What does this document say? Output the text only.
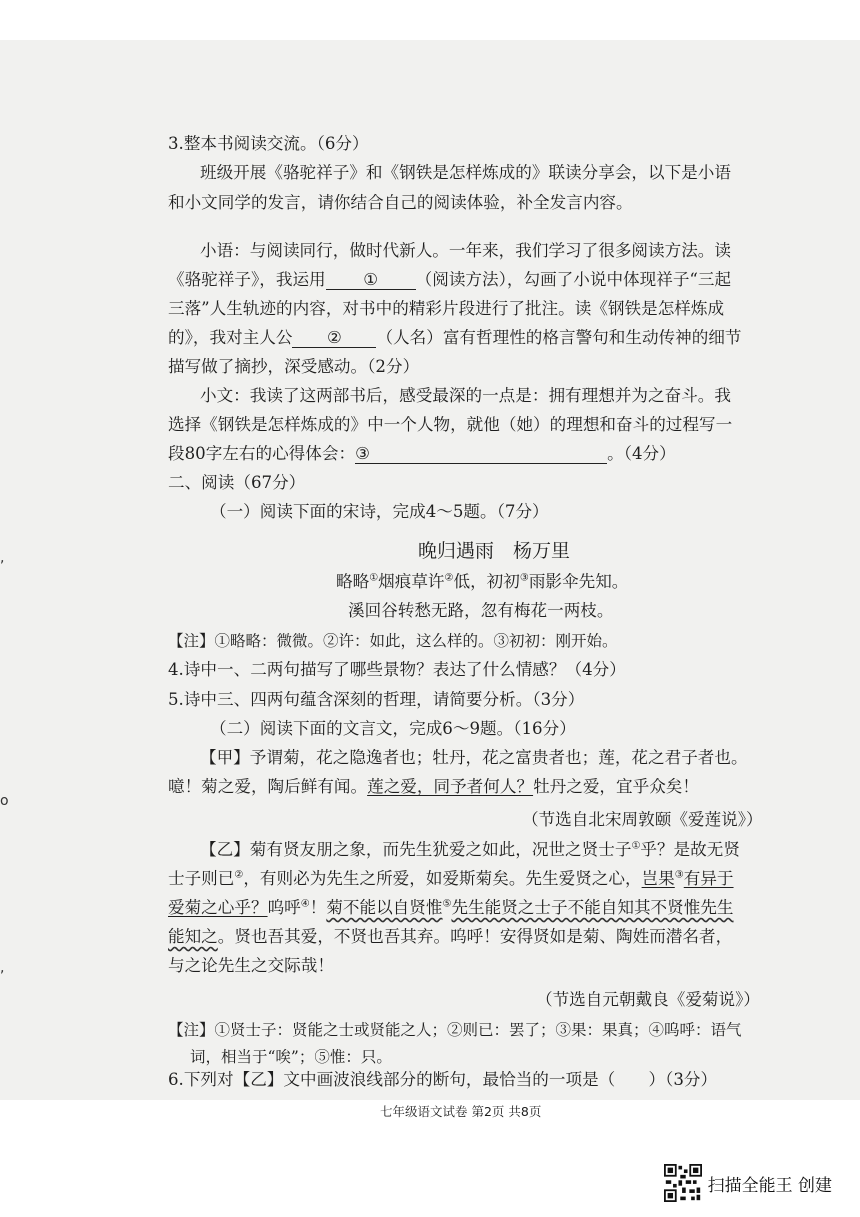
,
o
,
3.整本书阅读交流。（6分）
班级开展《骆驼祥子》和《钢铁是怎样炼成的》联读分享会，以下是小语
和小文同学的发言，请你结合自己的阅读体验，补全发言内容。
小语：与阅读同行，做时代新人。一年来，我们学习了很多阅读方法。读
《骆驼祥子》，我运用 ① （阅读方法），勾画了小说中体现祥子“三起
三落”人生轨迹的内容，对书中的精彩片段进行了批注。读《钢铁是怎样炼成
的》，我对主人公 ② （人名）富有哲理性的格言警句和生动传神的细节
描写做了摘抄，深受感动。（2分）
小文：我读了这两部书后，感受最深的一点是：拥有理想并为之奋斗。我
选择《钢铁是怎样炼成的》中一个人物，就他（她）的理想和奋斗的过程写一
段80字左右的心得体会：③	。（4分）
二、阅读（67分）
（一）阅读下面的宋诗，完成4～5题。（7分）
晚归遇雨　杨万里
略略①烟痕草许②低，初初③雨影伞先知。
溪回谷转愁无路，忽有梅花一两枝。
【注】①略略：微微。②许：如此，这么样的。③初初：刚开始。
4.诗中一、二两句描写了哪些景物？表达了什么情感？（4分）
5.诗中三、四两句蕴含深刻的哲理，请简要分析。（3分）
（二）阅读下面的文言文，完成6～9题。（16分）
【甲】予谓菊，花之隐逸者也；牡丹，花之富贵者也；莲，花之君子者也。
噫！菊之爱，陶后鲜有闻。莲之爱，同予者何人？牡丹之爱，宜乎众矣！
（节选自北宋周敦颐《爱莲说》）
【乙】菊有贤友朋之象，而先生犹爱之如此，况世之贤士子①乎？是故无贤
士子则已②，有则必为先生之所爱，如爱斯菊矣。先生爱贤之心，岂果③有异于
爱菊之心乎？呜呼④！菊不能以自贤惟⑤先生能贤之士子不能自知其不贤惟先生
能知之。贤也吾其爱，不贤也吾其弃。呜呼！安得贤如是菊、陶姓而潜名者，
与之论先生之交际哉！
（节选自元朝戴良《爱菊说》）
【注】①贤士子：贤能之士或贤能之人；②则已：罢了；③果：果真；④呜呼：语气
词，相当于“唉”；⑤惟：只。
6.下列对【乙】文中画波浪线部分的断句，最恰当的一项是（　　）（3分）
七年级语文试卷 第2页 共8页
扫描全能王 创建
